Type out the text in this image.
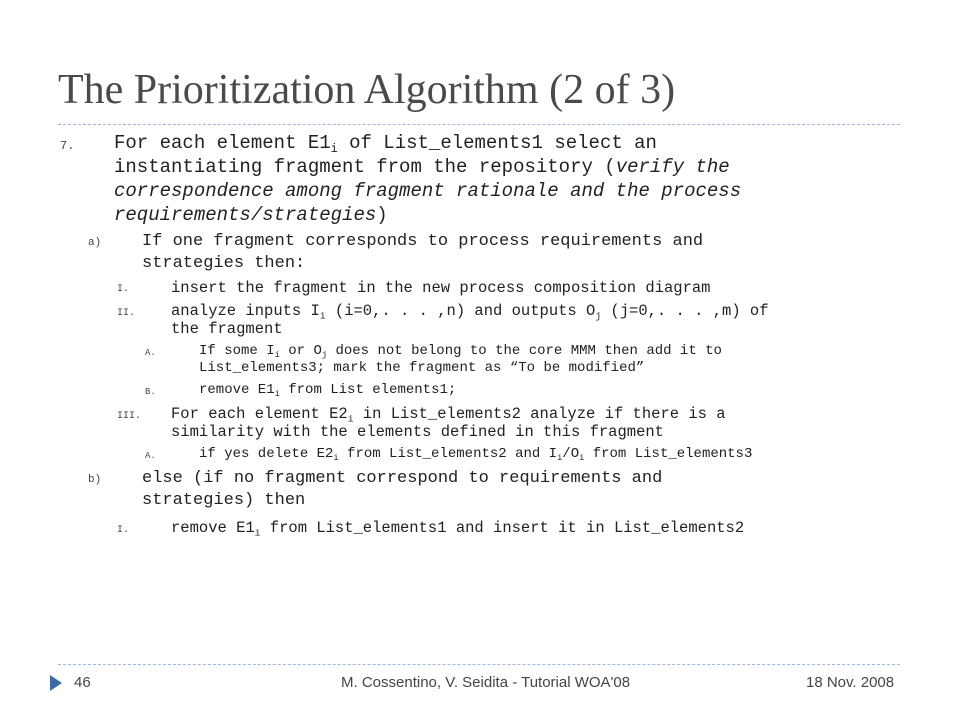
The Prioritization Algorithm (2 of 3)
7. For each element $E1_i$ of List_elements1 select an
instantiating fragment from the repository (verify the
correspondence among fragment rationale and the process
requirements/strategies)
a) If one fragment corresponds to process requirements and
strategies then:
I.	insert the fragment in the new process composition diagram
II. analyze inputs $I_i$ (i=0,. . . ,n) and outputs $O_j$ (j=0,. . . ,m) of
the fragment
A.	If some $I_i$ or $O_j$ does not belong to the core MMM then add it to
List_elements3; mark the fragment as “To be modified”
B.	remove $E1_i$ from List elements1;
III. For each element $E2_i$ in List_elements2 analyze if there is a
similarity with the elements defined in this fragment
A.	if yes delete $E2_i$ from List_elements2 and $I_i/O_i$ from List_elements3
b) else (if no fragment correspond to requirements and
strategies) then
I.	remove $E1_i$ from List_elements1 and insert it in List_elements2
46	M. Cossentino, V. Seidita - Tutorial WOA'08	18 Nov. 2008
